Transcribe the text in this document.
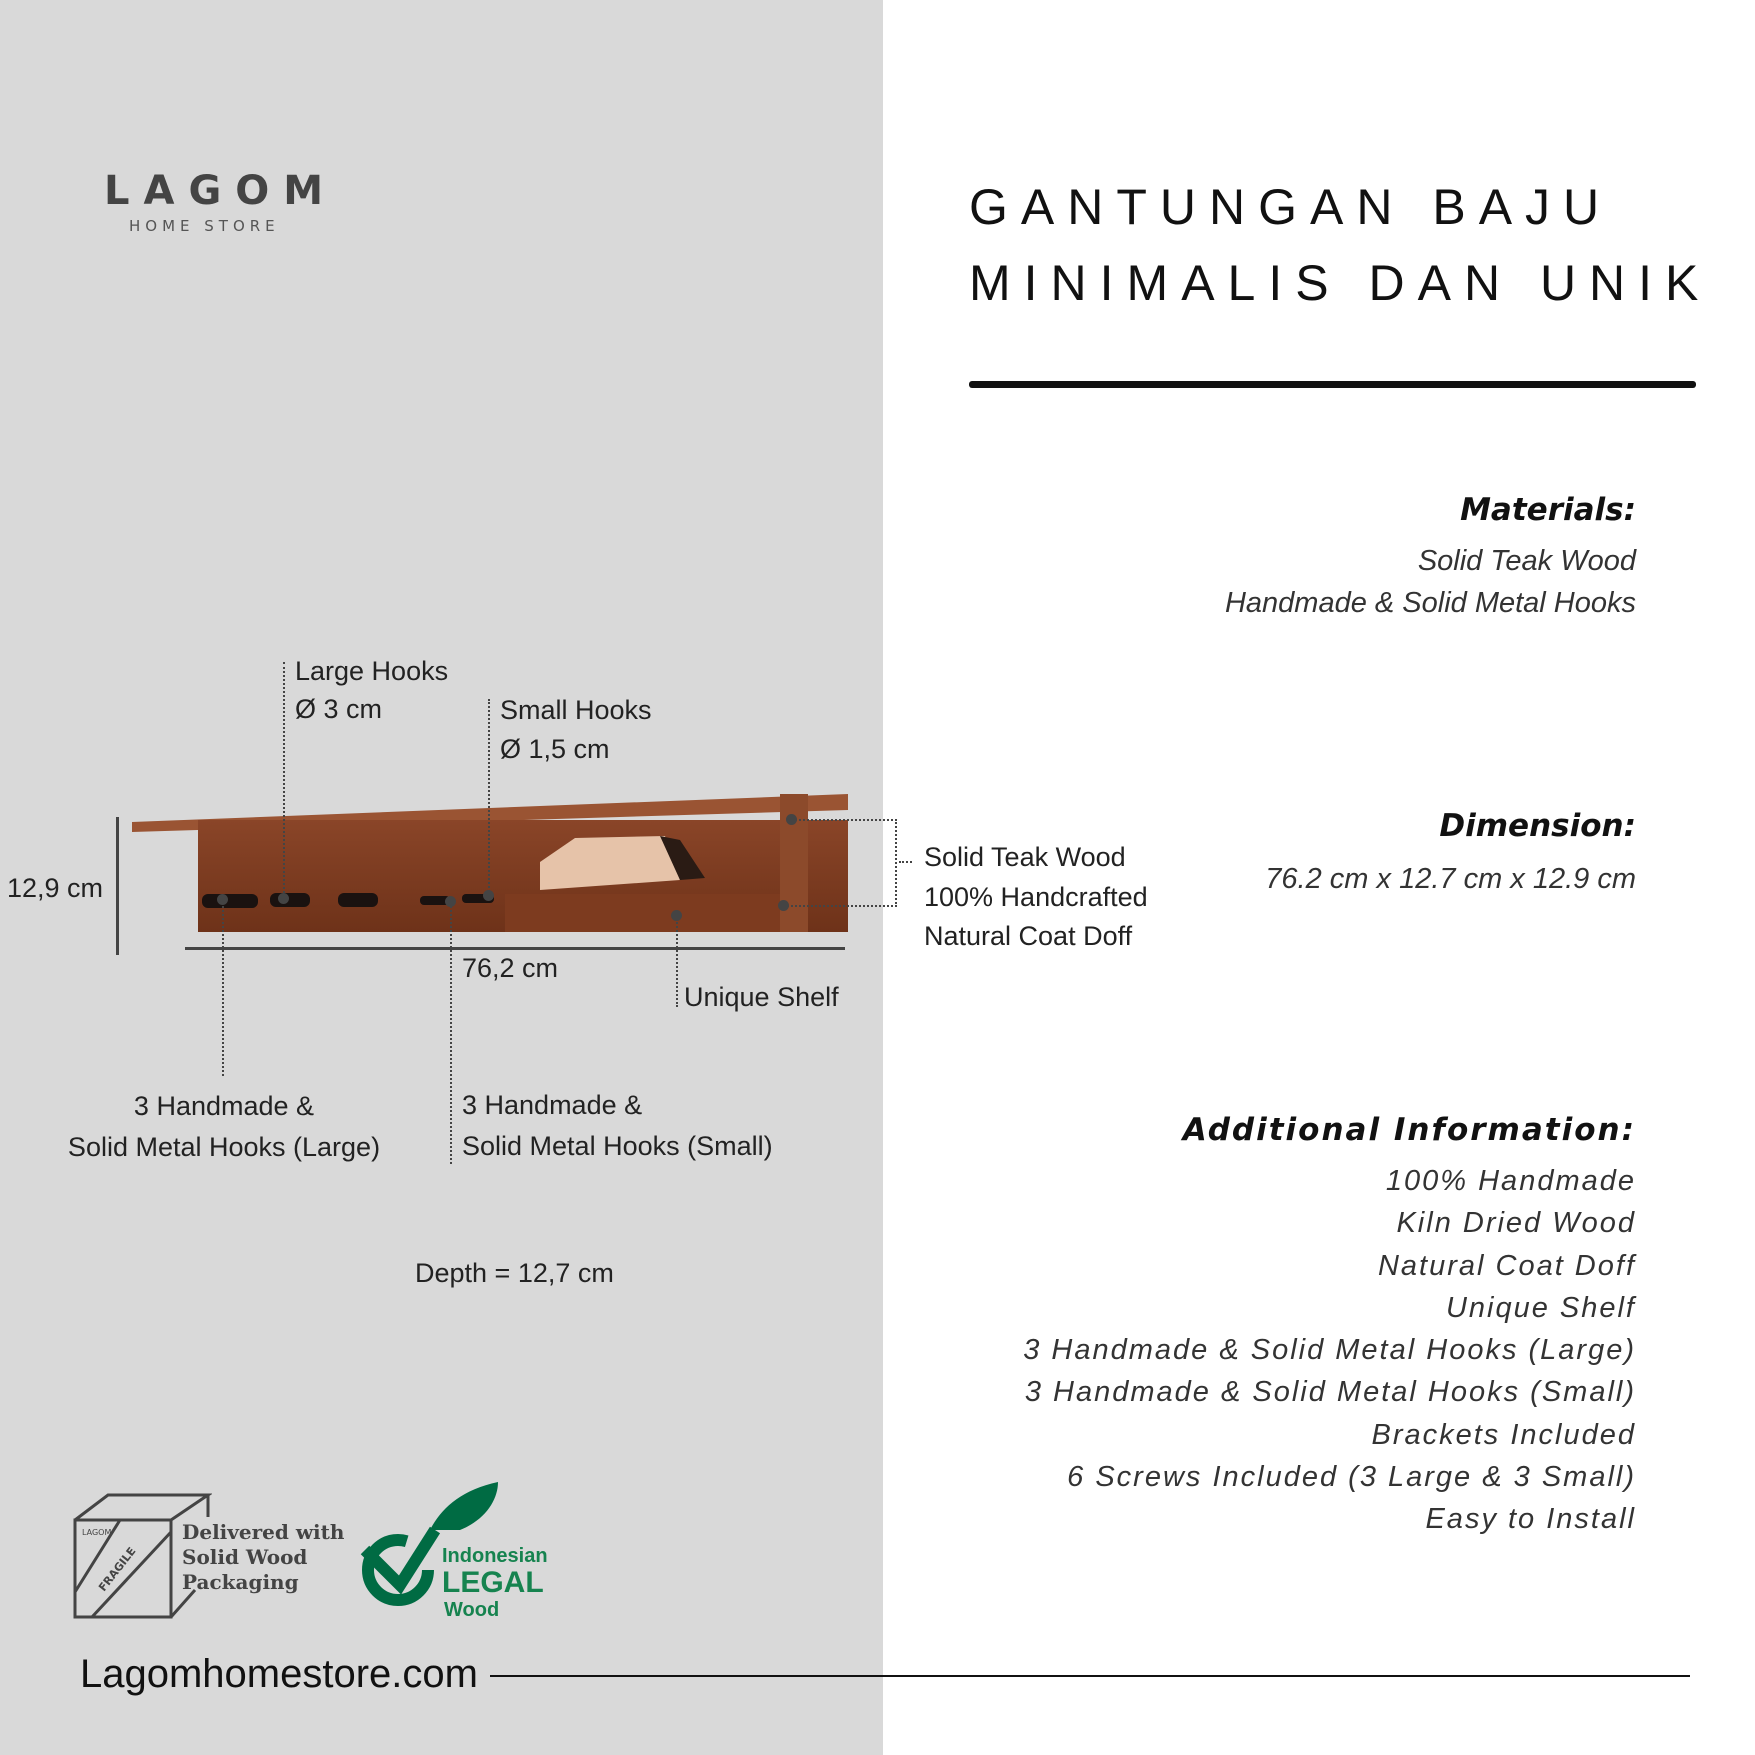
LAGOM
HOME STORE	GANTUNGAN BAJU
MINIMALIS DAN UNIK
Materials:
Solid Teak Wood
Handmade & Solid Metal Hooks
Dimension:
76.2 cm x 12.7 cm x 12.9 cm
Additional Information:
100% Handmade
Kiln Dried Wood
Natural Coat Doff
Unique Shelf
3 Handmade & Solid Metal Hooks (Large)
3 Handmade & Solid Metal Hooks (Small)
Brackets Included
6 Screws Included (3 Large & 3 Small)
Easy to Install
12,9 cm
76,2 cm
Large Hooks
Ø 3 cm	Small Hooks
Ø 1,5 cm
3 Handmade &
Solid Metal Hooks (Large)
3 Handmade &
Solid Metal Hooks (Small)
Unique Shelf
Solid Teak Wood
100% Handcrafted
Natural Coat Doff
Depth = 12,7 cm
LAGOM
FRAGILE
Delivered with
Solid Wood
Packaging
Indonesian
LEGAL
Wood
Lagomhomestore.com
